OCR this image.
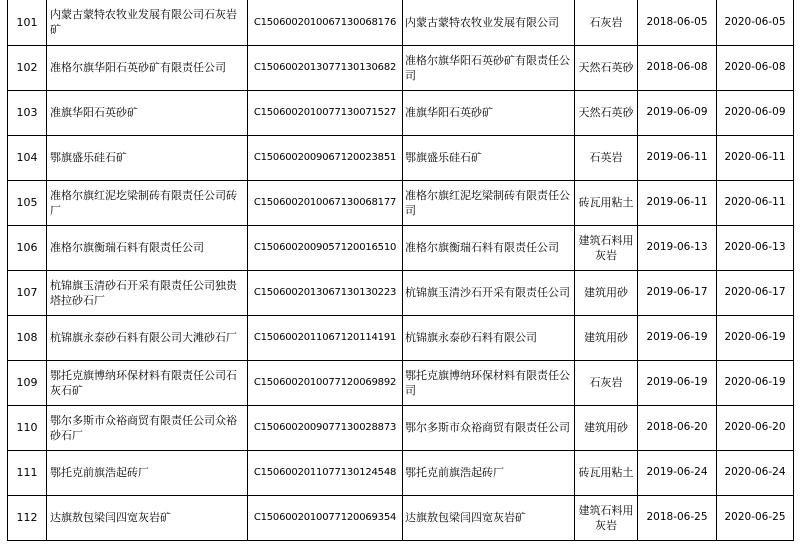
101	内蒙古蒙特农牧业发展有限公司石灰岩矿	C1506002010067130068176	内蒙古蒙特农牧业发展有限公司	石灰岩	2018-06-05	2020-06-05
102	准格尔旗华阳石英砂矿有限责任公司	C1506002013077130130682	准格尔旗华阳石英砂矿有限责任公司	天然石英砂	2018-06-08	2020-06-08
103	准旗华阳石英砂矿	C1506002010077130071527	准旗华阳石英砂矿	天然石英砂	2019-06-09	2020-06-09
104	鄂旗盛乐硅石矿	C1506002009067120023851	鄂旗盛乐硅石矿	石英岩	2019-06-11	2020-06-11
105	准格尔旗红泥圪梁制砖有限责任公司砖厂	C1506002010067130068177	准格尔旗红泥圪梁制砖有限责任公司	砖瓦用粘土	2019-06-11	2020-06-11
106	准格尔旗衡瑞石料有限责任公司	C1506002009057120016510	准格尔旗衡瑞石料有限责任公司	建筑石料用灰岩	2019-06-13	2020-06-13
107	杭锦旗玉清砂石开采有限责任公司独贵塔拉砂石厂	C1506002013067130130223	杭锦旗玉清沙石开采有限责任公司	建筑用砂	2019-06-17	2020-06-17
108	杭锦旗永泰砂石料有限公司大滩砂石厂	C1506002011067120114191	杭锦旗永泰砂石料有限公司	建筑用砂	2019-06-19	2020-06-19
109	鄂托克旗博纳环保材料有限责任公司石灰石矿	C1506002010077120069892	鄂托克旗博纳环保材料有限责任公司	石灰岩	2019-06-19	2020-06-19
110	鄂尔多斯市众裕商贸有限责任公司众裕砂石厂	C1506002009077130028873	鄂尔多斯市众裕商贸有限责任公司	建筑用砂	2018-06-20	2020-06-20
111	鄂托克前旗浩起砖厂	C1506002011077130124548	鄂托克前旗浩起砖厂	砖瓦用粘土	2019-06-24	2020-06-24
112	达旗敖包梁闫四宽灰岩矿	C1506002010077120069354	达旗敖包梁闫四宽灰岩矿	建筑石料用灰岩	2018-06-25	2020-06-25
